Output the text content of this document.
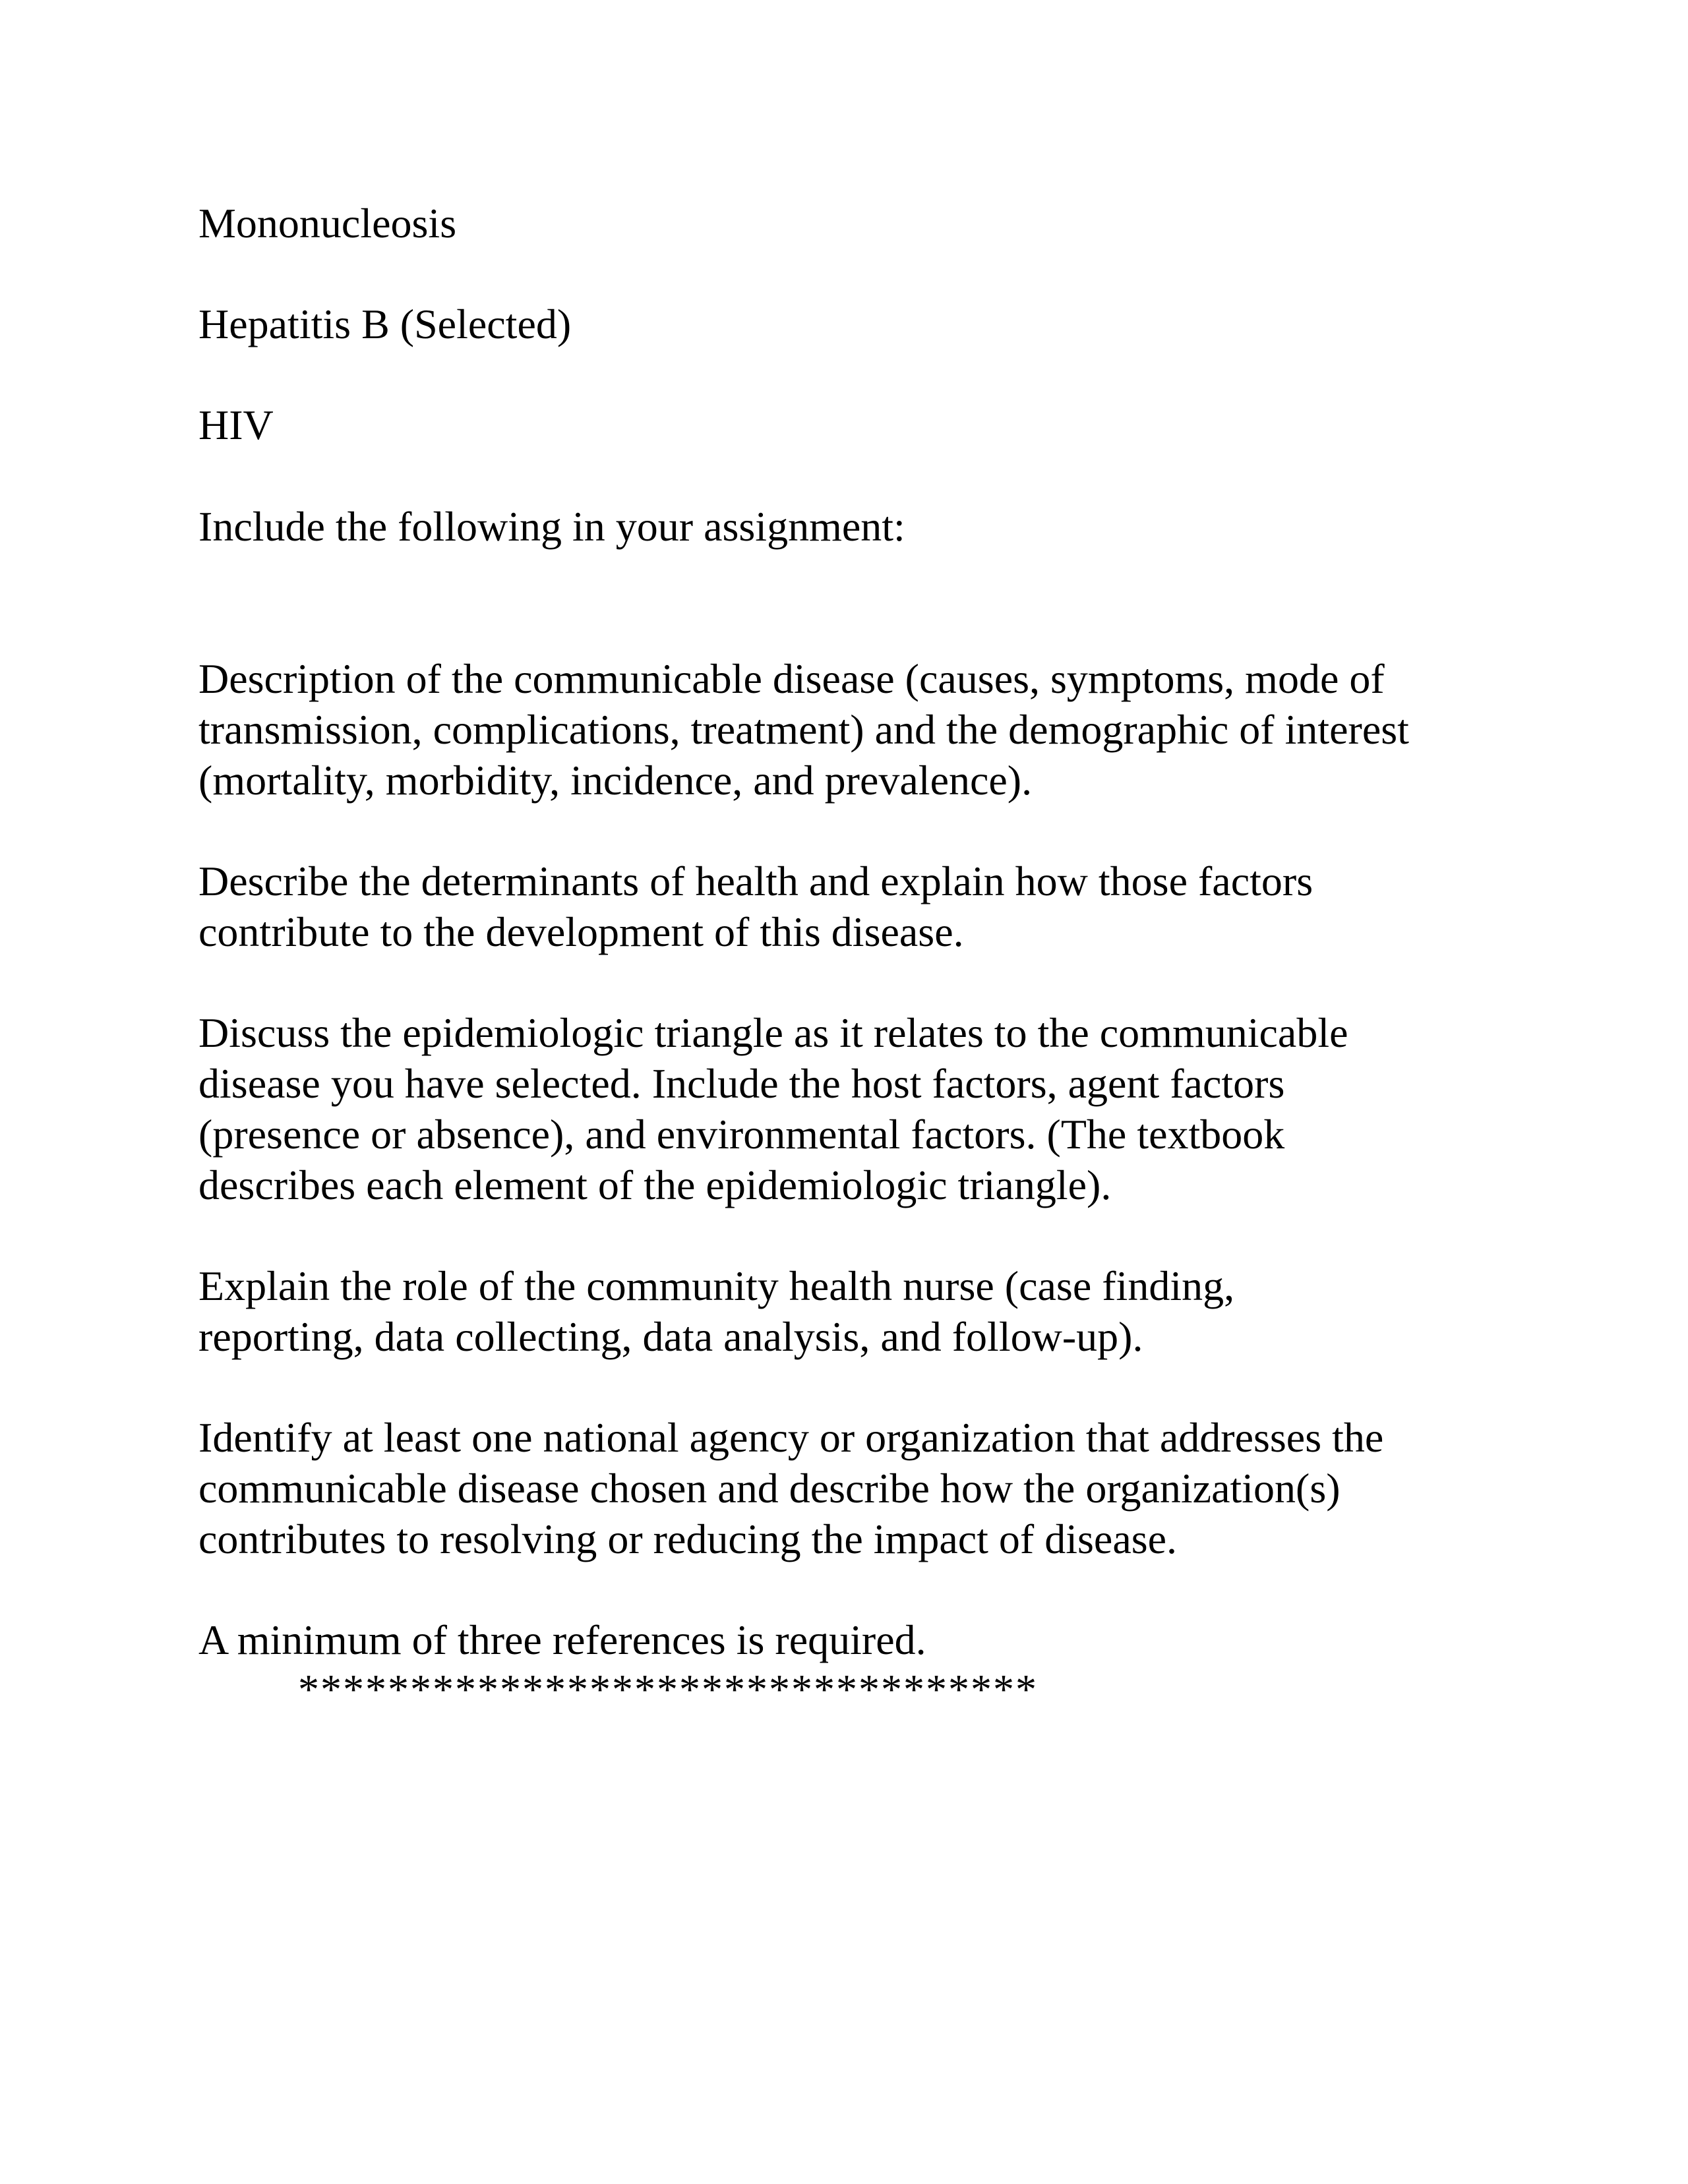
Mononucleosis

Hepatitis B (Selected)

HIV

Include the following in your assignment:

Description of the communicable disease (causes, symptoms, mode of
transmission, complications, treatment) and the demographic of interest
(mortality, morbidity, incidence, and prevalence).
Describe the determinants of health and explain how those factors
contribute to the development of this disease.
Discuss the epidemiologic triangle as it relates to the communicable
disease you have selected. Include the host factors, agent factors
(presence or absence), and environmental factors. (The textbook
describes each element of the epidemiologic triangle).
Explain the role of the community health nurse (case finding,
reporting, data collecting, data analysis, and follow-up).
Identify at least one national agency or organization that addresses the
communicable disease chosen and describe how the organization(s)
contributes to resolving or reducing the impact of disease.

A minimum of three references is required.

*********************************
